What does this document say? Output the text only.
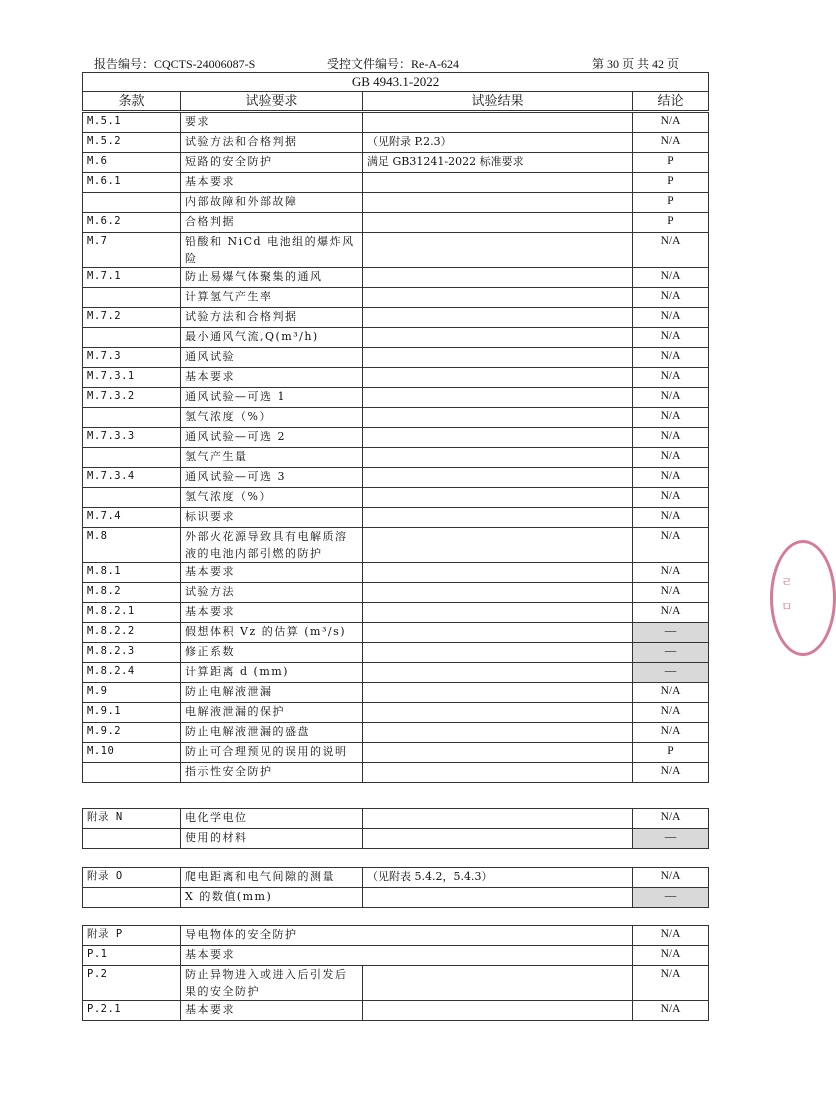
报告编号：CQCTS-24006087-S	受控文件编号：Re-A-624	第 30 页 共 42 页
GB 4943.1-2022
条款	试验要求	试验结果	结论
M.5.1	要求		N/A
M.5.2	试验方法和合格判据	（见附录 P.2.3）	N/A
M.6	短路的安全防护	满足 GB31241-2022 标准要求	P
M.6.1	基本要求		P
	内部故障和外部故障		P
M.6.2	合格判据		P
M.7	铅酸和 NiCd 电池组的爆炸风险		N/A
M.7.1	防止易爆气体聚集的通风		N/A
	计算氢气产生率		N/A
M.7.2	试验方法和合格判据		N/A
	最小通风气流,Q(m³/h)		N/A
M.7.3	通风试验		N/A
M.7.3.1	基本要求		N/A
M.7.3.2	通风试验—可选 1		N/A
	氢气浓度（%）		N/A
M.7.3.3	通风试验—可选 2		N/A
	氢气产生量		N/A
M.7.3.4	通风试验—可选 3		N/A
	氢气浓度（%）		N/A
M.7.4	标识要求		N/A
M.8	外部火花源导致具有电解质溶液的电池内部引燃的防护		N/A
M.8.1	基本要求		N/A
M.8.2	试验方法		N/A
M.8.2.1	基本要求		N/A
M.8.2.2	假想体积 Vz 的估算 (m³/s)		—
M.8.2.3	修正系数		—
M.8.2.4	计算距离 d (mm)		—
M.9	防止电解液泄漏		N/A
M.9.1	电解液泄漏的保护		N/A
M.9.2	防止电解液泄漏的盛盘		N/A
M.10	防止可合理预见的误用的说明		P
	指示性安全防护		N/A
附录 N	电化学电位		N/A
	使用的材料		—
附录 O	爬电距离和电气间隙的测量	（见附表 5.4.2，5.4.3）	N/A
	X 的数值(mm)		—
附录 P	导电物体的安全防护		N/A
P.1	基本要求		N/A
P.2	防止异物进入或进入后引发后果的安全防护		N/A
P.2.1	基本要求		N/A
ㄹ
ㅁ
